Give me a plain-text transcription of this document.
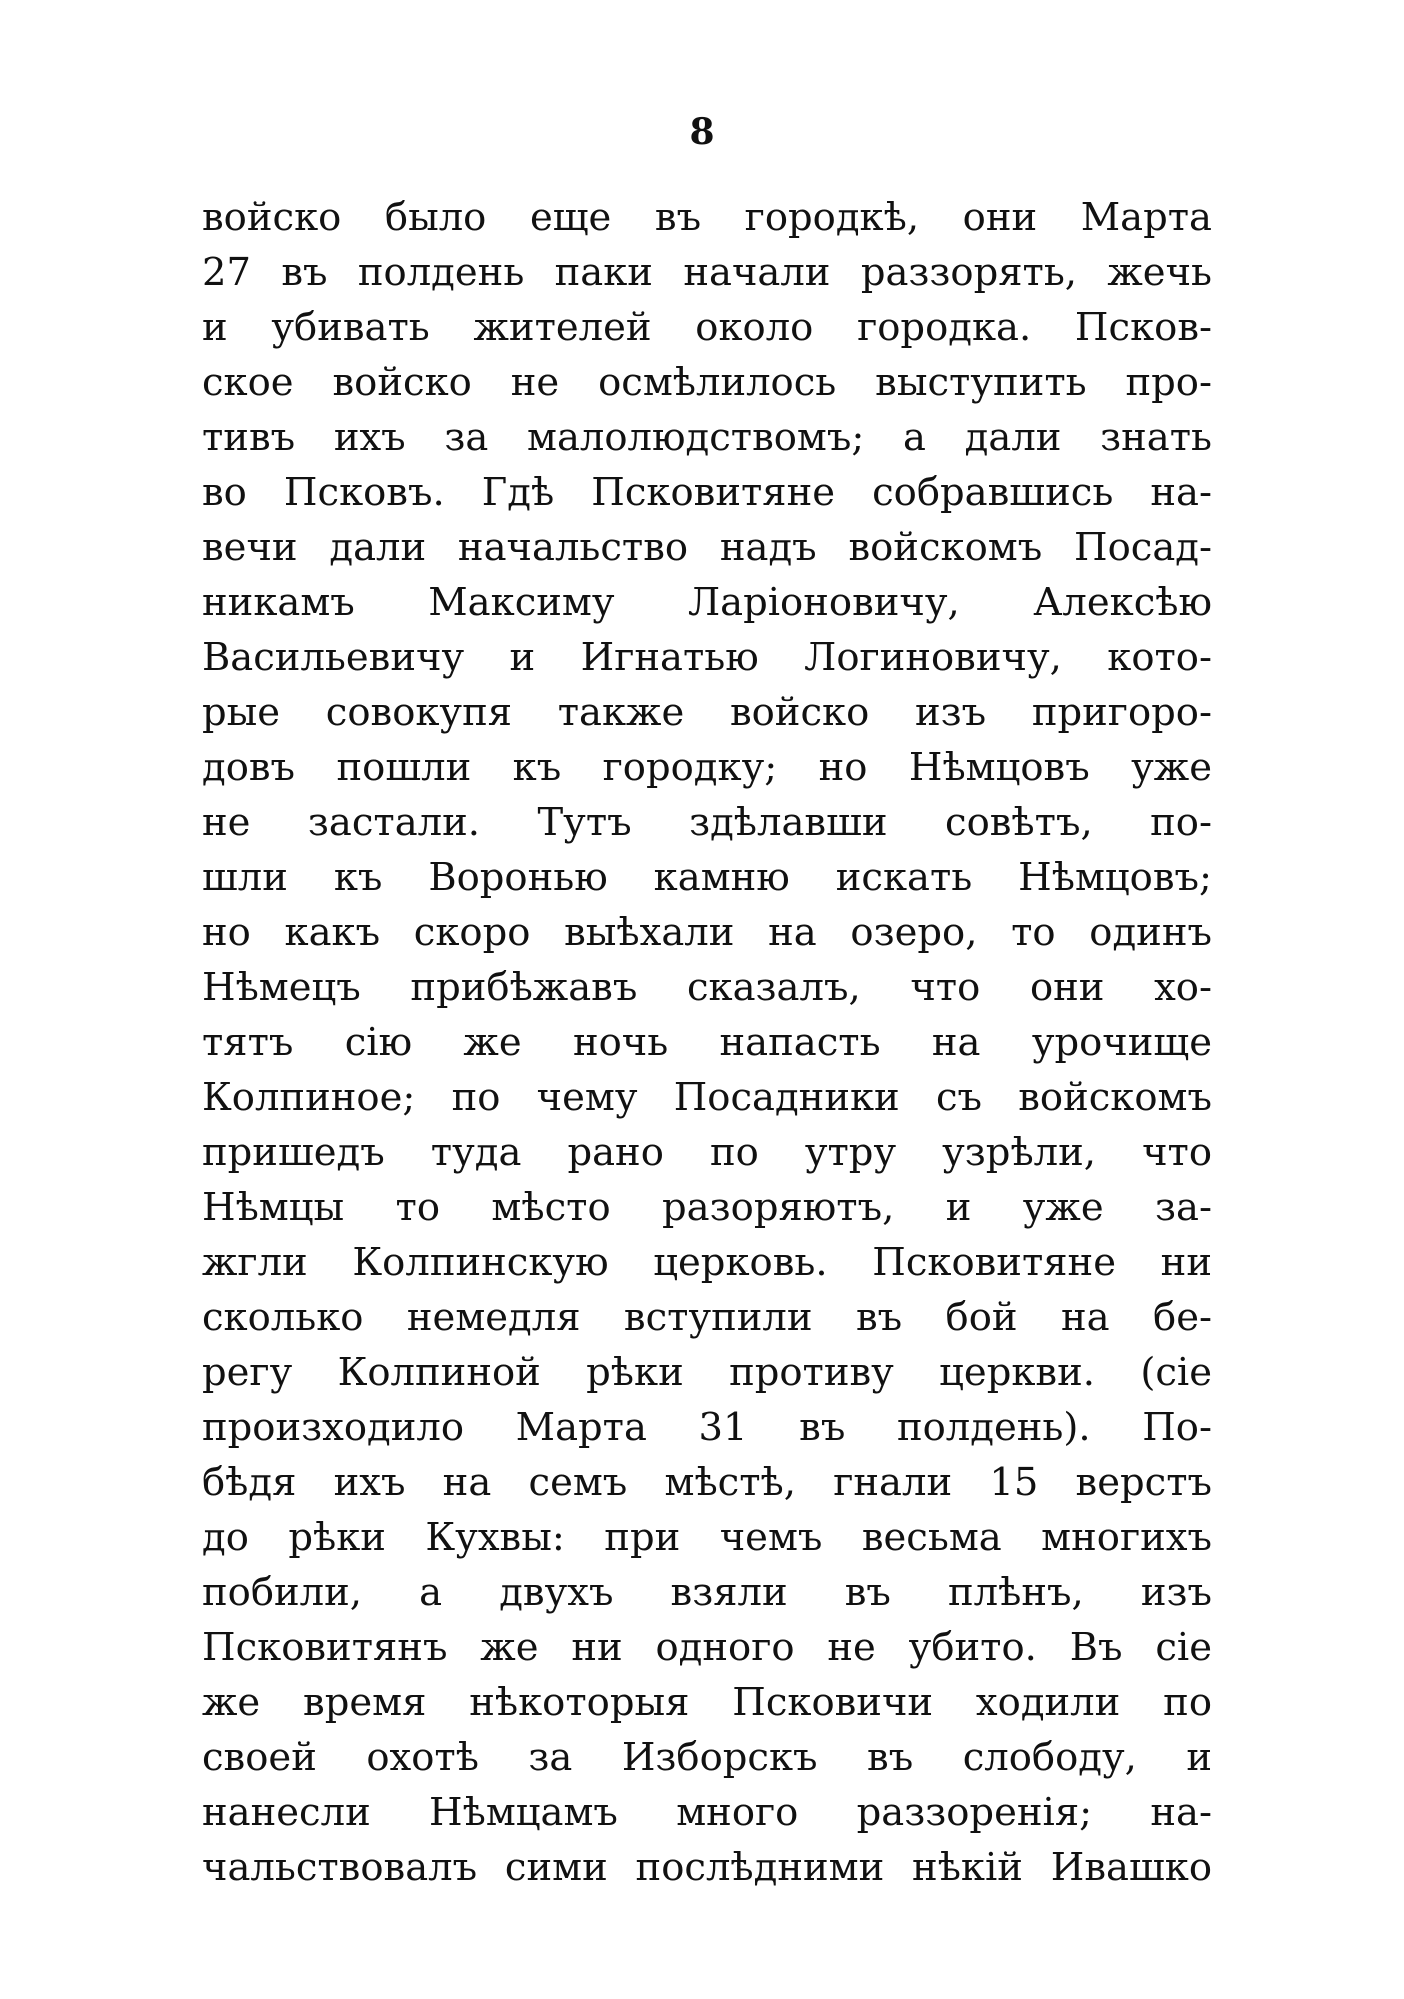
8
войско было еще въ городкѣ, они Марта
27 въ полдень паки начали раззорять, жечь
и убивать жителей около городка. Псков-
ское войско не осмѣлилось выступить про-
тивъ ихъ за малолюдствомъ; а дали знать
во Псковъ. Гдѣ Псковитяне собравшись на-
вечи дали начальство надъ войскомъ Посад-
никамъ Максиму Ларіоновичу, Алексѣю
Васильевичу и Игнатью Логиновичу, кото-
рые совокупя также войско изъ пригоро-
довъ пошли къ городку; но Нѣмцовъ уже
не застали. Тутъ здѣлавши совѣтъ, по-
шли къ Воронью камню искать Нѣмцовъ;
но какъ скоро выѣхали на озеро, то одинъ
Нѣмецъ прибѣжавъ сказалъ, что они хо-
тятъ сію же ночь напасть на урочище
Колпиное; по чему Посадники съ войскомъ
пришедъ туда рано по утру узрѣли, что
Нѣмцы то мѣсто разоряютъ, и уже за-
жгли Колпинскую церковь. Псковитяне ни
сколько немедля вступили въ бой на бе-
регу Колпиной рѣки противу церкви. (сіе
произходило Марта 31 въ полдень). По-
бѣдя ихъ на семъ мѣстѣ, гнали 15 верстъ
до рѣки Кухвы: при чемъ весьма многихъ
побили, а двухъ взяли въ плѣнъ, изъ
Псковитянъ же ни одного не убито. Въ сіе
же время нѣкоторыя Псковичи ходили по
своей охотѣ за Изборскъ въ слободу, и
нанесли Нѣмцамъ много раззоренія; на-
чальствовалъ сими послѣдними нѣкій Ивашко
